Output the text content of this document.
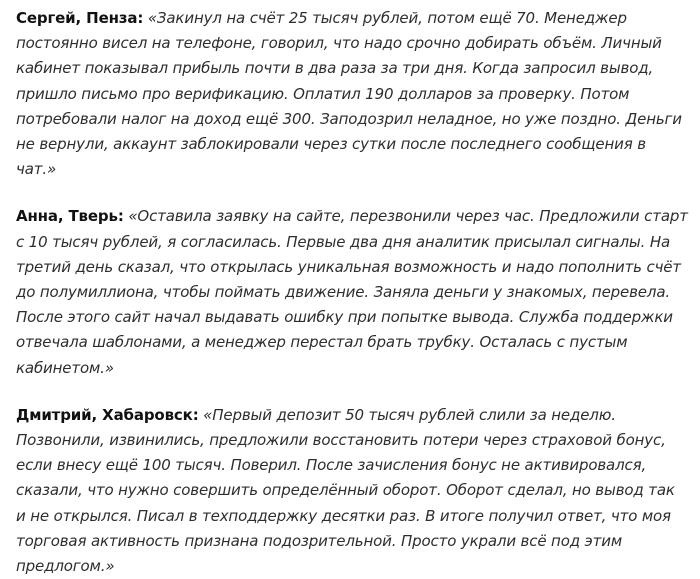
Сергей, Пенза: «Закинул на счёт 25 тысяч рублей, потом ещё 70. Менеджер постоянно висел на телефоне, говорил, что надо срочно добирать объём. Личный кабинет показывал прибыль почти в два раза за три дня. Когда запросил вывод, пришло письмо про верификацию. Оплатил 190 долларов за проверку. Потом потребовали налог на доход ещё 300. Заподозрил неладное, но уже поздно. Деньги не вернули, аккаунт заблокировали через сутки после последнего сообщения в чат.»

Анна, Тверь: «Оставила заявку на сайте, перезвонили через час. Предложили старт с 10 тысяч рублей, я согласилась. Первые два дня аналитик присылал сигналы. На третий день сказал, что открылась уникальная возможность и надо пополнить счёт до полумиллиона, чтобы поймать движение. Заняла деньги у знакомых, перевела. После этого сайт начал выдавать ошибку при попытке вывода. Служба поддержки отвечала шаблонами, а менеджер перестал брать трубку. Осталась с пустым кабинетом.»

Дмитрий, Хабаровск: «Первый депозит 50 тысяч рублей слили за неделю. Позвонили, извинились, предложили восстановить потери через страховой бонус, если внесу ещё 100 тысяч. Поверил. После зачисления бонус не активировался, сказали, что нужно совершить определённый оборот. Оборот сделал, но вывод так и не открылся. Писал в техподдержку десятки раз. В итоге получил ответ, что моя торговая активность признана подозрительной. Просто украли всё под этим предлогом.»
